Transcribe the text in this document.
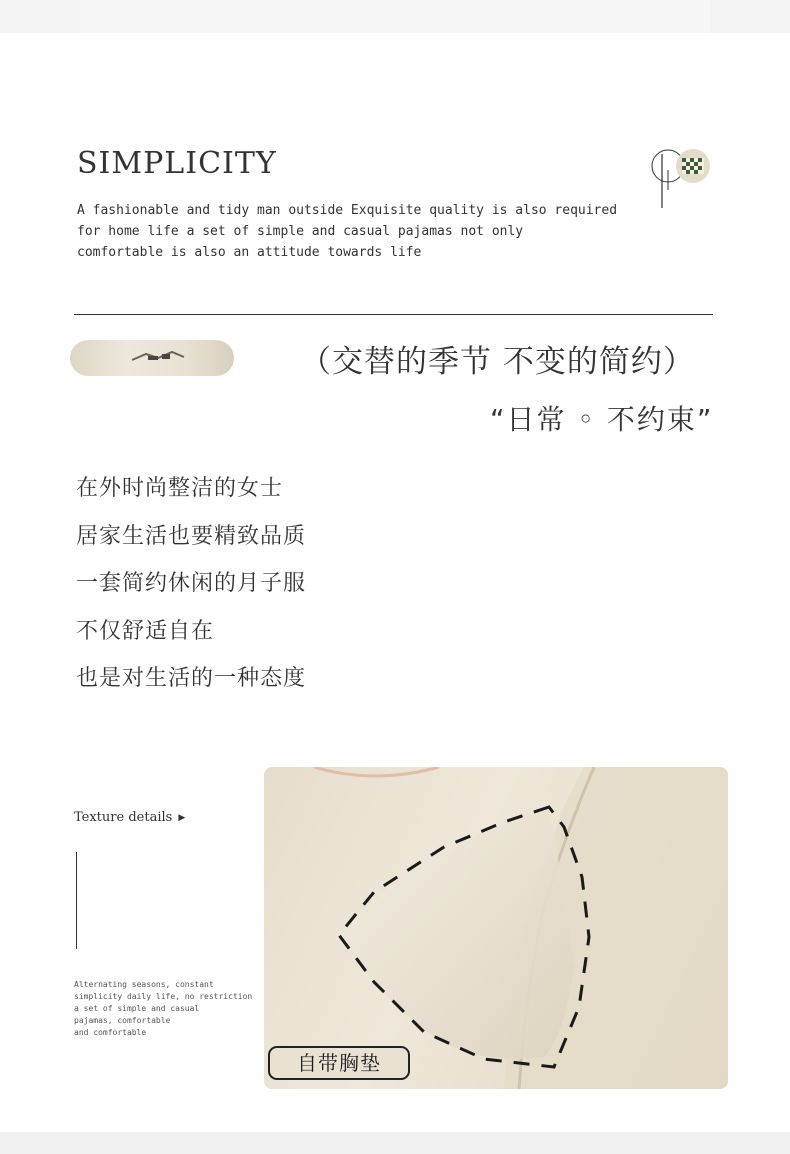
SIMPLICITY
A fashionable and tidy man outside Exquisite quality is also required
for home life a set of simple and casual pajamas not only
comfortable is also an attitude towards life
（交替的季节 不变的简约）
“日常 ◦ 不约束”
在外时尚整洁的女士
居家生活也要精致品质
一套简约休闲的月子服
不仅舒适自在
也是对生活的一种态度
Texture details ▶
Alternating seasons, constant
simplicity daily life, no restriction
a set of simple and casual
pajamas, comfortable
and comfortable
自带胸垫
